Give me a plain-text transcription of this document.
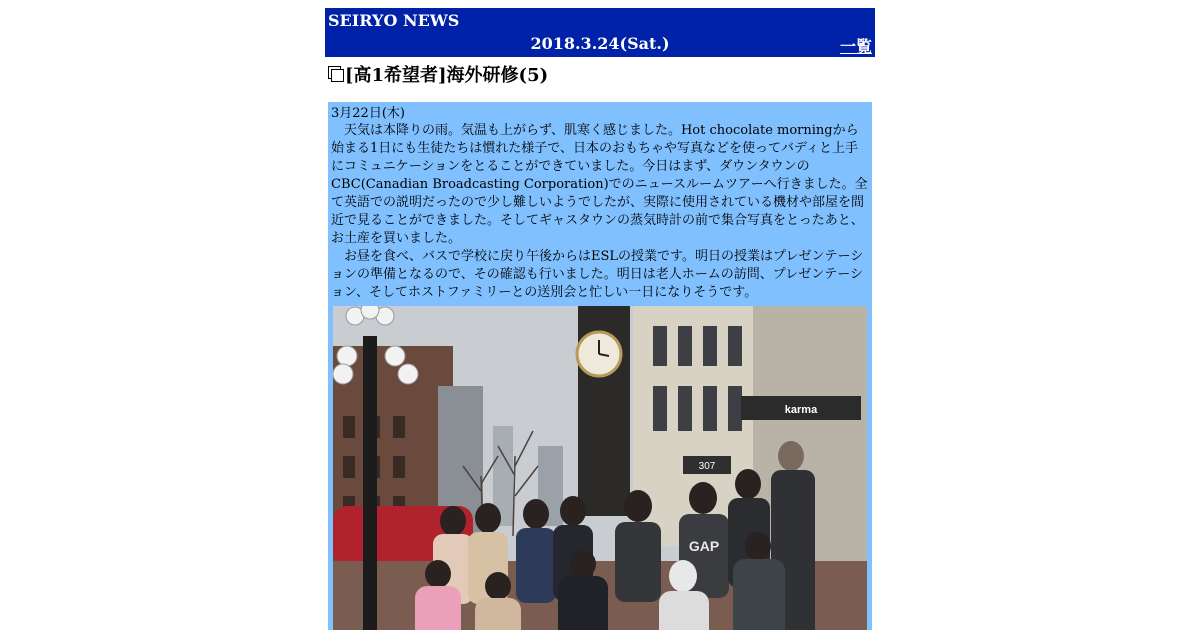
SEIRYO NEWS
2018.3.24(Sat.)	一覧
[高1希望者]海外研修(5)
3月22日(木)
天気は本降りの雨。気温も上がらず、肌寒く感じました。Hot chocolate morningから始まる1日にも生徒たちは慣れた様子で、日本のおもちゃや写真などを使ってバディと上手にコミュニケーションをとることができていました。今日はまず、ダウンタウンのCBC(Canadian Broadcasting Corporation)でのニュースルームツアーへ行きました。全て英語での説明だったので少し難しいようでしたが、実際に使用されている機材や部屋を間近で見ることができました。そしてギャスタウンの蒸気時計の前で集合写真をとったあと、お土産を買いました。
お昼を食べ、バスで学校に戻り午後からはESLの授業です。明日の授業はプレゼンテーションの準備となるので、その確認も行いました。明日は老人ホームの訪問、プレゼンテーション、そしてホストファミリーとの送別会と忙しい一日になりそうです。
karma
307
GAP
